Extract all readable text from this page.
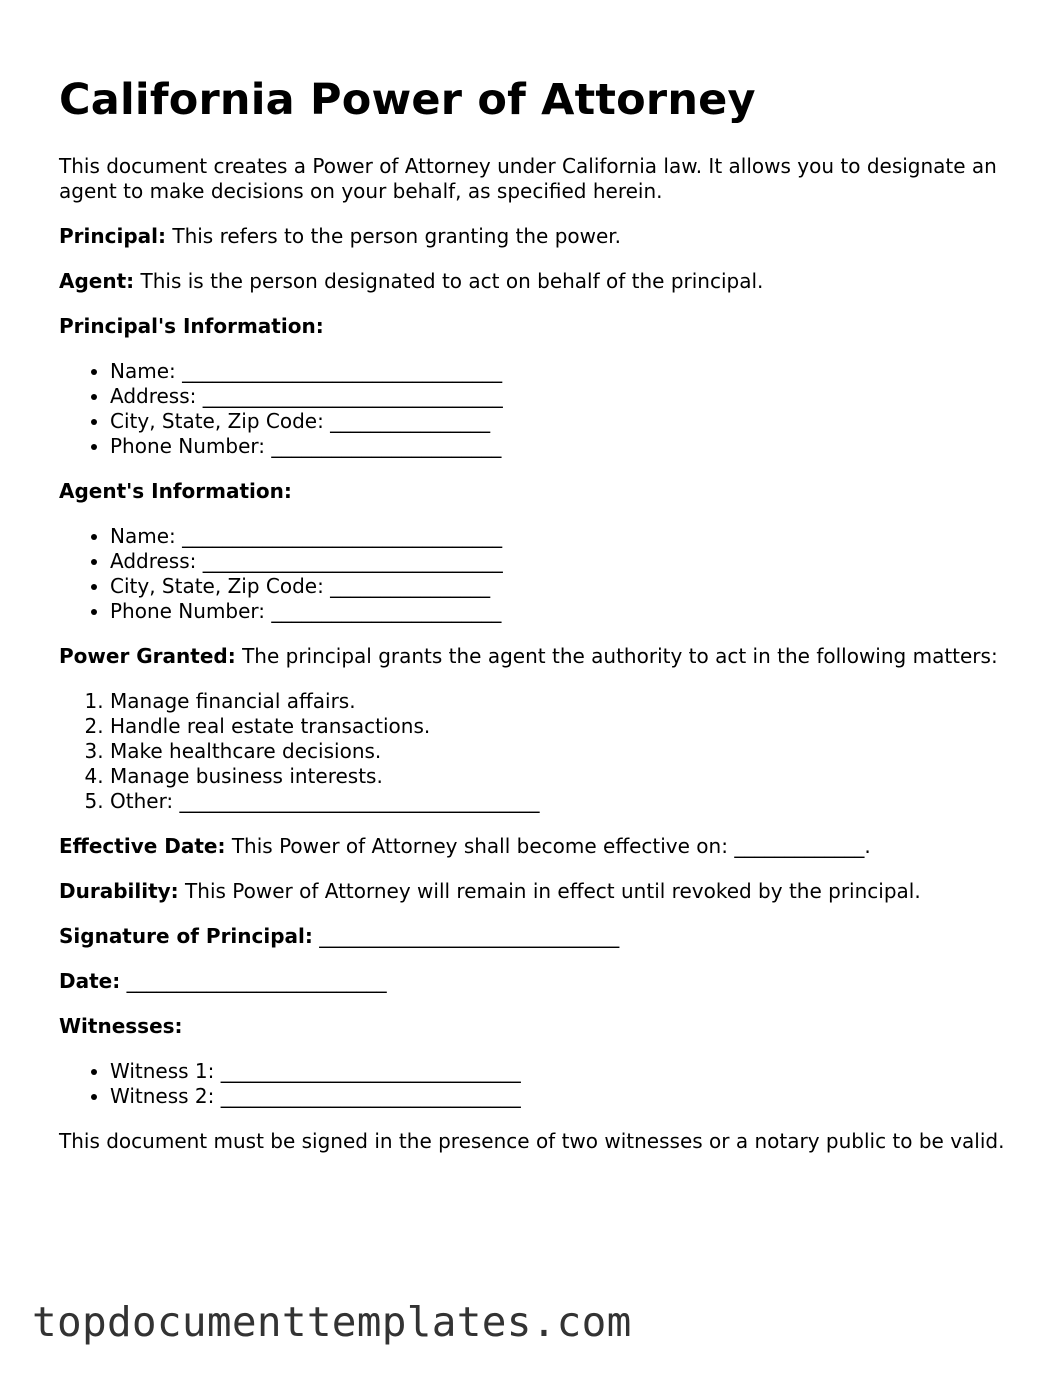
California Power of Attorney

This document creates a Power of Attorney under California law. It allows you to designate an agent to make decisions on your behalf, as specified herein.

Principal: This refers to the person granting the power.

Agent: This is the person designated to act on behalf of the principal.

Principal's Information:

• Name: ________________________________
• Address: ______________________________
• City, State, Zip Code: ________________
• Phone Number: _______________________

Agent's Information:

• Name: ________________________________
• Address: ______________________________
• City, State, Zip Code: ________________
• Phone Number: _______________________

Power Granted: The principal grants the agent the authority to act in the following matters:

1. Manage financial affairs.
2. Handle real estate transactions.
3. Make healthcare decisions.
4. Manage business interests.
5. Other: ____________________________________

Effective Date: This Power of Attorney shall become effective on: _____________.

Durability: This Power of Attorney will remain in effect until revoked by the principal.

Signature of Principal: ______________________________

Date: __________________________

Witnesses:

• Witness 1: ______________________________
• Witness 2: ______________________________

This document must be signed in the presence of two witnesses or a notary public to be valid.

topdocumenttemplates.com
